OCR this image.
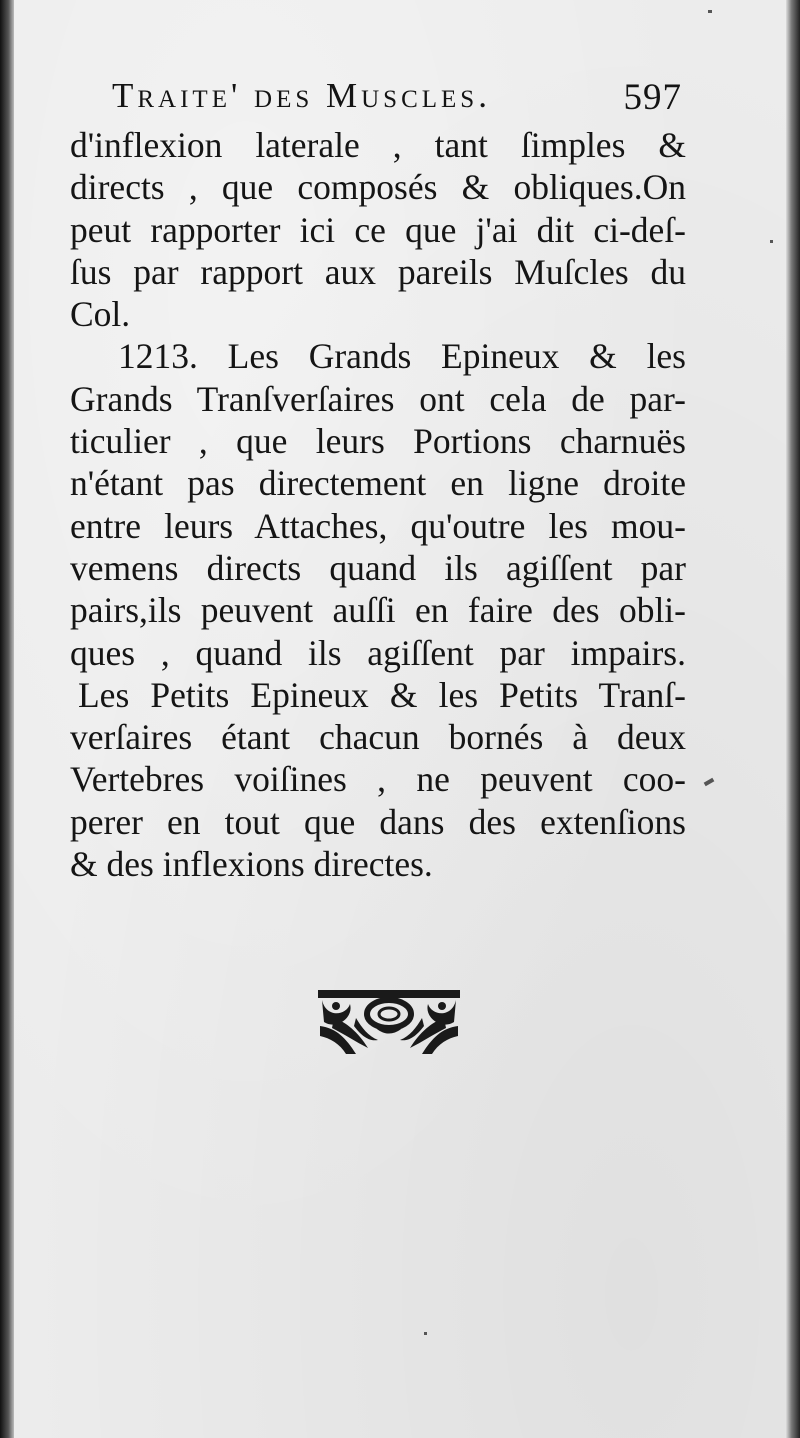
Traite' des Muscles.	597
d'inflexion laterale , tant ſimples &
directs , que composés & obliques.On
peut rapporter ici ce que j'ai dit ci-deſ-
ſus par rapport aux pareils Muſcles du
Col.
1213. Les Grands Epineux & les
Grands Tranſverſaires ont cela de par-
ticulier , que leurs Portions charnuës
n'étant pas directement en ligne droite
entre leurs Attaches, qu'outre les mou-
vemens directs quand ils agiſſent par
pairs,ils peuvent auſſi en faire des obli-
ques , quand ils agiſſent par impairs.
Les Petits Epineux & les Petits Tranſ-
verſaires étant chacun bornés à deux
Vertebres voiſines , ne peuvent coo-
perer en tout que dans des extenſions
& des inflexions directes.
